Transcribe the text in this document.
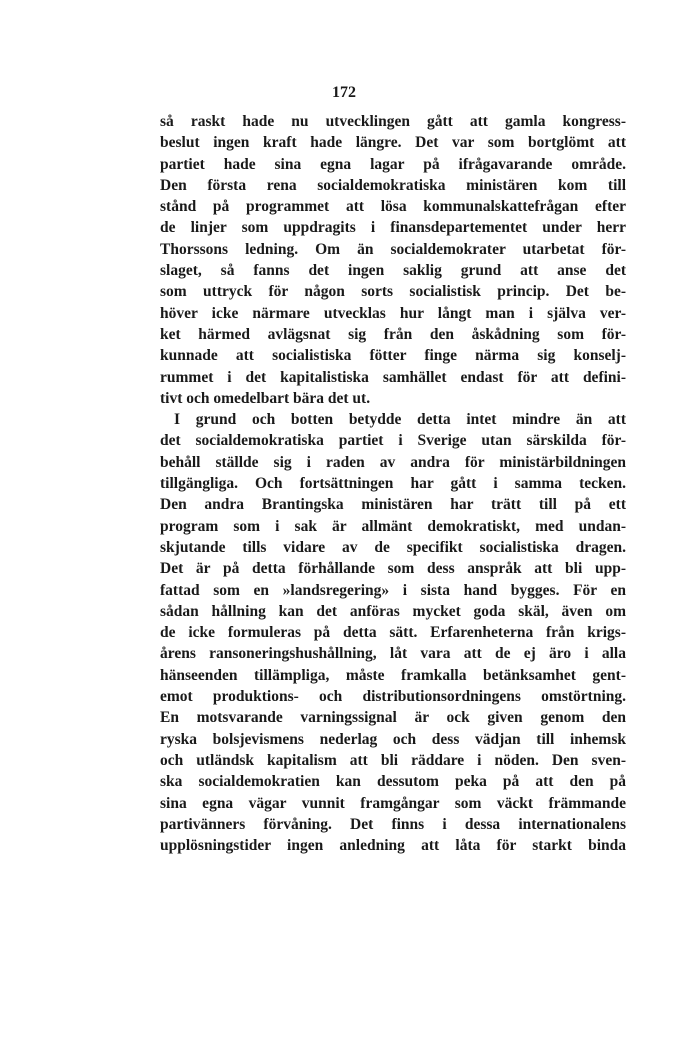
172
så raskt hade nu utvecklingen gått att gamla kongress-
beslut ingen kraft hade längre. Det var som bortglömt att
partiet hade sina egna lagar på ifrågavarande område.
Den första rena socialdemokratiska ministären kom till
stånd på programmet att lösa kommunalskattefrågan efter
de linjer som uppdragits i finansdepartementet under herr
Thorssons ledning. Om än socialdemokrater utarbetat för-
slaget, så fanns det ingen saklig grund att anse det
som uttryck för någon sorts socialistisk princip. Det be-
höver icke närmare utvecklas hur långt man i själva ver-
ket härmed avlägsnat sig från den åskådning som för-
kunnade att socialistiska fötter finge närma sig konselj-
rummet i det kapitalistiska samhället endast för att defini-
tivt och omedelbart bära det ut.
I grund och botten betydde detta intet mindre än att
det socialdemokratiska partiet i Sverige utan särskilda för-
behåll ställde sig i raden av andra för ministärbildningen
tillgängliga. Och fortsättningen har gått i samma tecken.
Den andra Brantingska ministären har trätt till på ett
program som i sak är allmänt demokratiskt, med undan-
skjutande tills vidare av de specifikt socialistiska dragen.
Det är på detta förhållande som dess anspråk att bli upp-
fattad som en »landsregering» i sista hand bygges. För en
sådan hållning kan det anföras mycket goda skäl, även om
de icke formuleras på detta sätt. Erfarenheterna från krigs-
årens ransoneringshushållning, låt vara att de ej äro i alla
hänseenden tillämpliga, måste framkalla betänksamhet gent-
emot produktions- och distributionsordningens omstörtning.
En motsvarande varningssignal är ock given genom den
ryska bolsjevismens nederlag och dess vädjan till inhemsk
och utländsk kapitalism att bli räddare i nöden. Den sven-
ska socialdemokratien kan dessutom peka på att den på
sina egna vägar vunnit framgångar som väckt främmande
partivänners förvåning. Det finns i dessa internationalens
upplösningstider ingen anledning att låta för starkt binda
